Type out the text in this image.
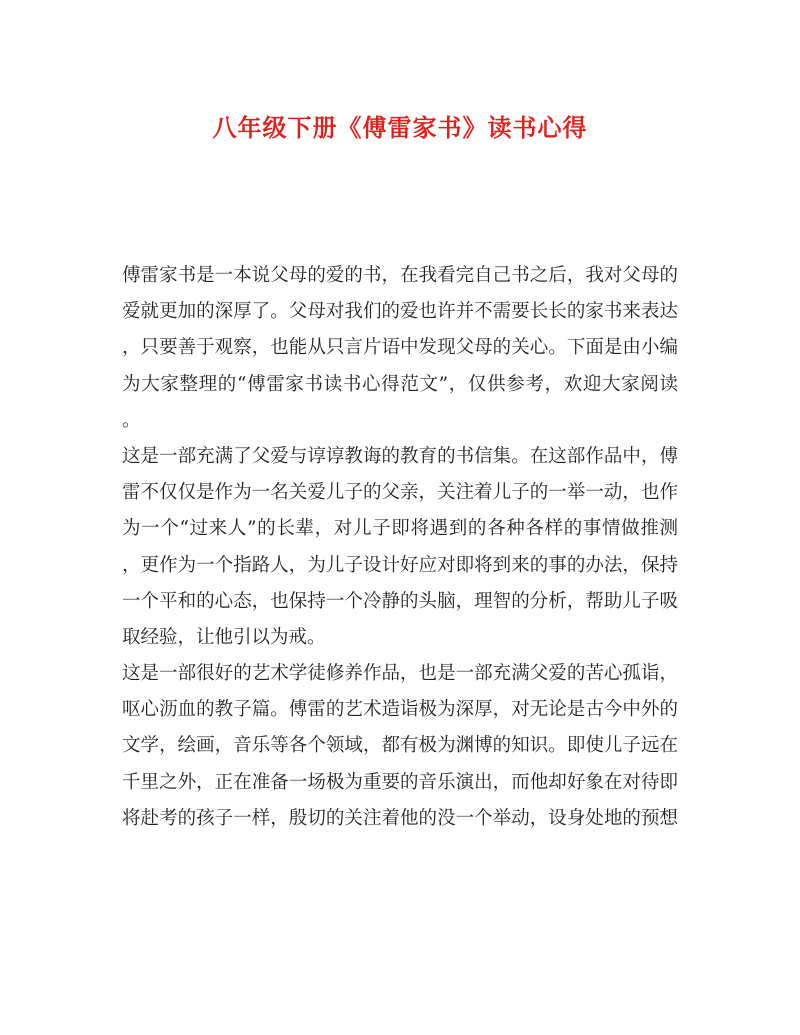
八年级下册《傅雷家书》读书心得
傅雷家书是一本说父母的爱的书，在我看完自己书之后，我对父母的
爱就更加的深厚了。父母对我们的爱也许并不需要长长的家书来表达
，只要善于观察，也能从只言片语中发现父母的关心。下面是由小编
为大家整理的“傅雷家书读书心得范文”，仅供参考，欢迎大家阅读
。
这是一部充满了父爱与谆谆教诲的教育的书信集。在这部作品中，傅
雷不仅仅是作为一名关爱儿子的父亲，关注着儿子的一举一动，也作
为一个“过来人”的长辈，对儿子即将遇到的各种各样的事情做推测
，更作为一个指路人，为儿子设计好应对即将到来的事的办法，保持
一个平和的心态，也保持一个冷静的头脑，理智的分析，帮助儿子吸
取经验，让他引以为戒。
这是一部很好的艺术学徒修养作品，也是一部充满父爱的苦心孤诣，
呕心沥血的教子篇。傅雷的艺术造诣极为深厚，对无论是古今中外的
文学，绘画，音乐等各个领域，都有极为渊博的知识。即使儿子远在
千里之外，正在准备一场极为重要的音乐演出，而他却好象在对待即
将赴考的孩子一样，殷切的关注着他的没一个举动，设身处地的预想
